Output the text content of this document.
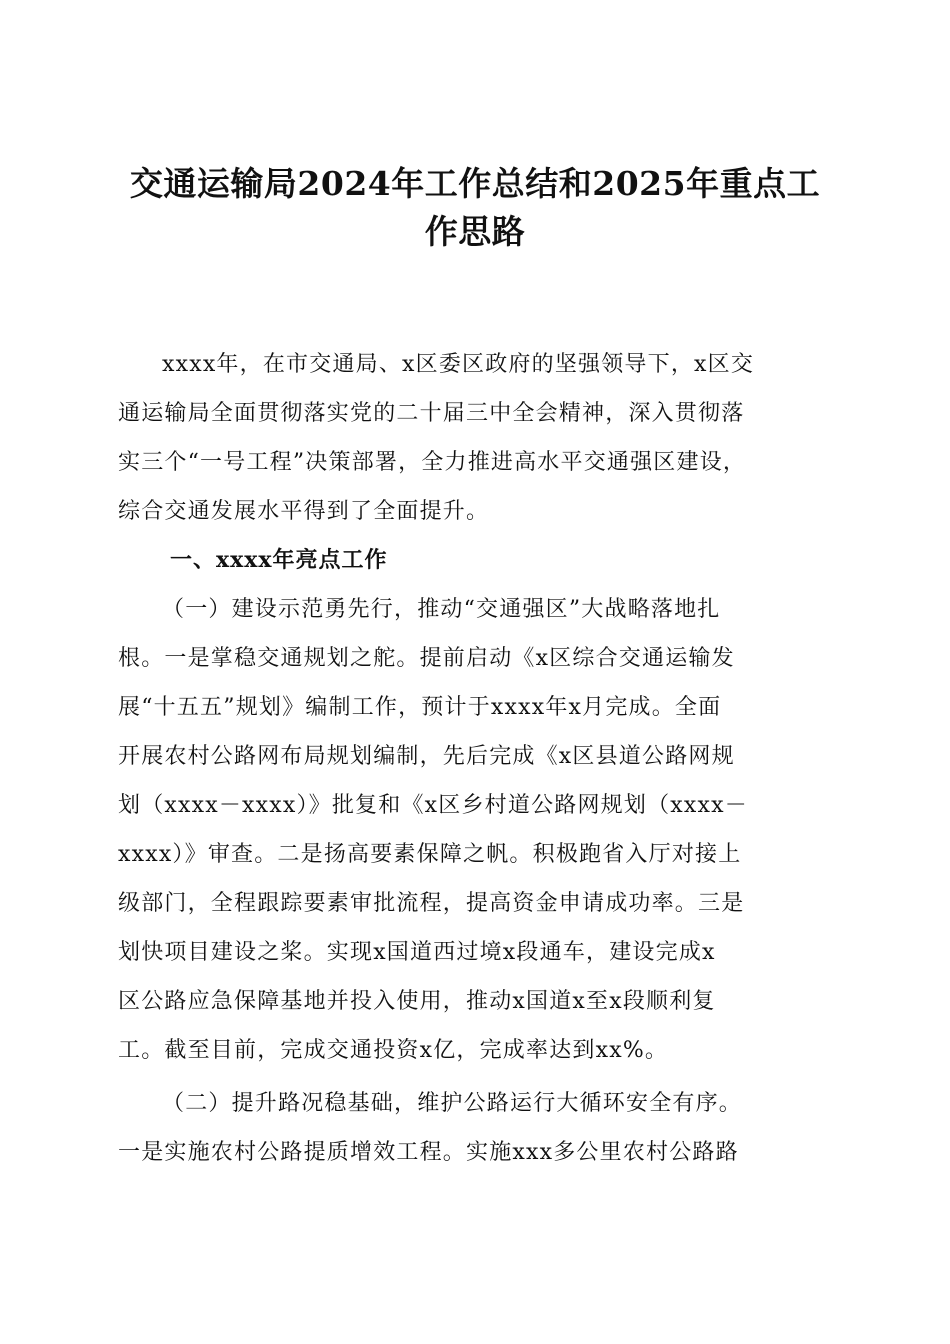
交通运输局2024年工作总结和2025年重点工
作思路

xxxx年，在市交通局、x区委区政府的坚强领导下，x区交
通运输局全面贯彻落实党的二十届三中全会精神，深入贯彻落
实三个“一号工程”决策部署，全力推进高水平交通强区建设，
综合交通发展水平得到了全面提升。

一、xxxx年亮点工作

（一）建设示范勇先行，推动“交通强区”大战略落地扎
根。一是掌稳交通规划之舵。提前启动《x区综合交通运输发
展“十五五”规划》编制工作，预计于xxxx年x月完成。全面
开展农村公路网布局规划编制，先后完成《x区县道公路网规
划（xxxx－xxxx）》批复和《x区乡村道公路网规划（xxxx－
xxxx）》审查。二是扬高要素保障之帆。积极跑省入厅对接上
级部门，全程跟踪要素审批流程，提高资金申请成功率。三是
划快项目建设之桨。实现x国道西过境x段通车，建设完成x
区公路应急保障基地并投入使用，推动x国道x至x段顺利复
工。截至目前，完成交通投资x亿，完成率达到xx%。

（二）提升路况稳基础，维护公路运行大循环安全有序。
一是实施农村公路提质增效工程。实施xxx多公里农村公路路
